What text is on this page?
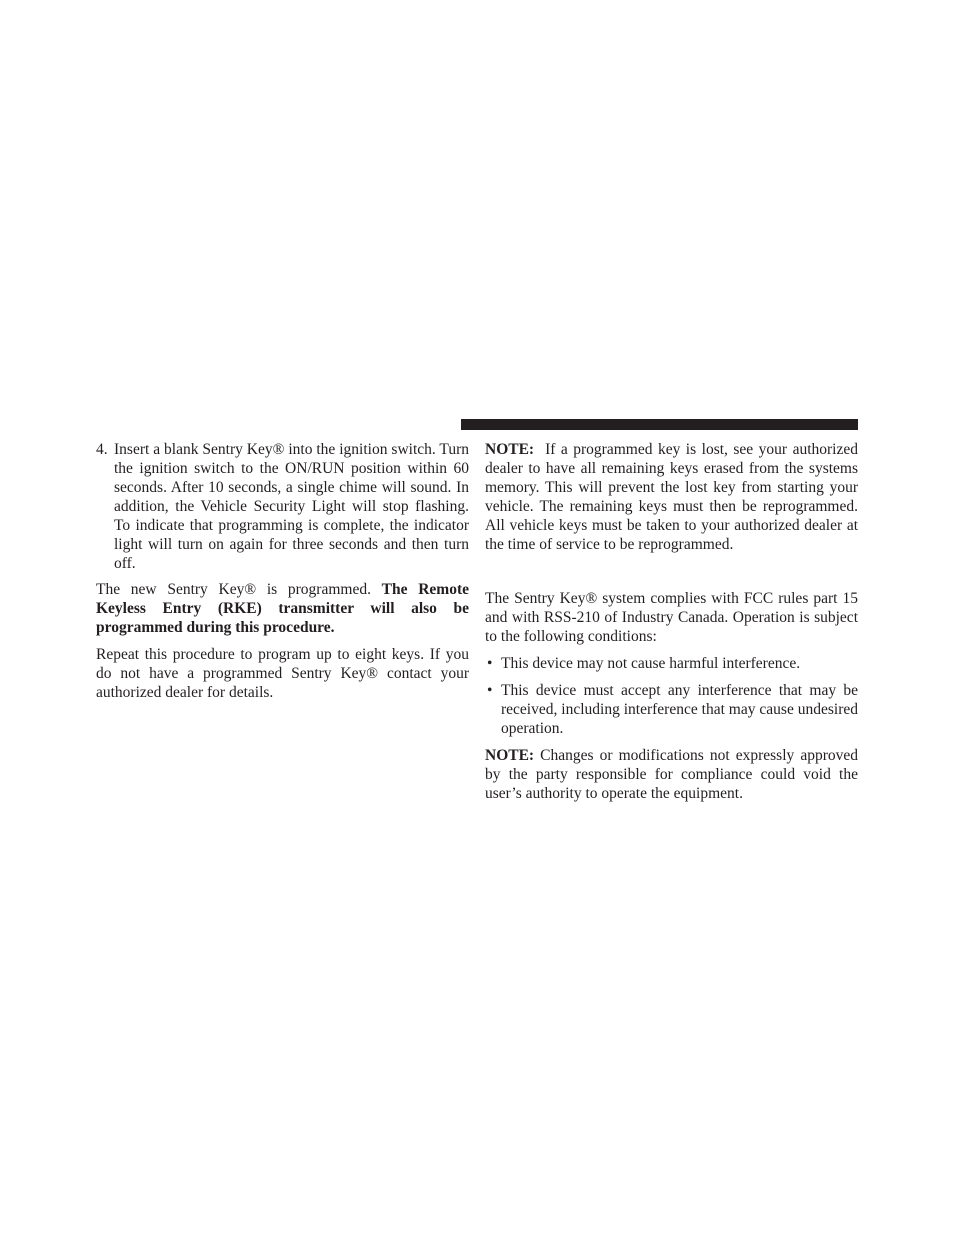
4. Insert a blank Sentry Key® into the ignition switch. Turn the ignition switch to the ON/RUN position within 60 seconds. After 10 seconds, a single chime will sound. In addition, the Vehicle Security Light will stop flashing. To indicate that programming is complete, the indicator light will turn on again for three seconds and then turn off.

The new Sentry Key® is programmed. The Remote Keyless Entry (RKE) transmitter will also be programmed during this procedure.

Repeat this procedure to program up to eight keys. If you do not have a programmed Sentry Key® contact your authorized dealer for details.

NOTE: If a programmed key is lost, see your authorized dealer to have all remaining keys erased from the systems memory. This will prevent the lost key from starting your vehicle. The remaining keys must then be reprogrammed. All vehicle keys must be taken to your authorized dealer at the time of service to be reprogrammed.

The Sentry Key® system complies with FCC rules part 15 and with RSS-210 of Industry Canada. Operation is subject to the following conditions:

• This device may not cause harmful interference.

• This device must accept any interference that may be received, including interference that may cause undesired operation.

NOTE: Changes or modifications not expressly approved by the party responsible for compliance could void the user’s authority to operate the equipment.
